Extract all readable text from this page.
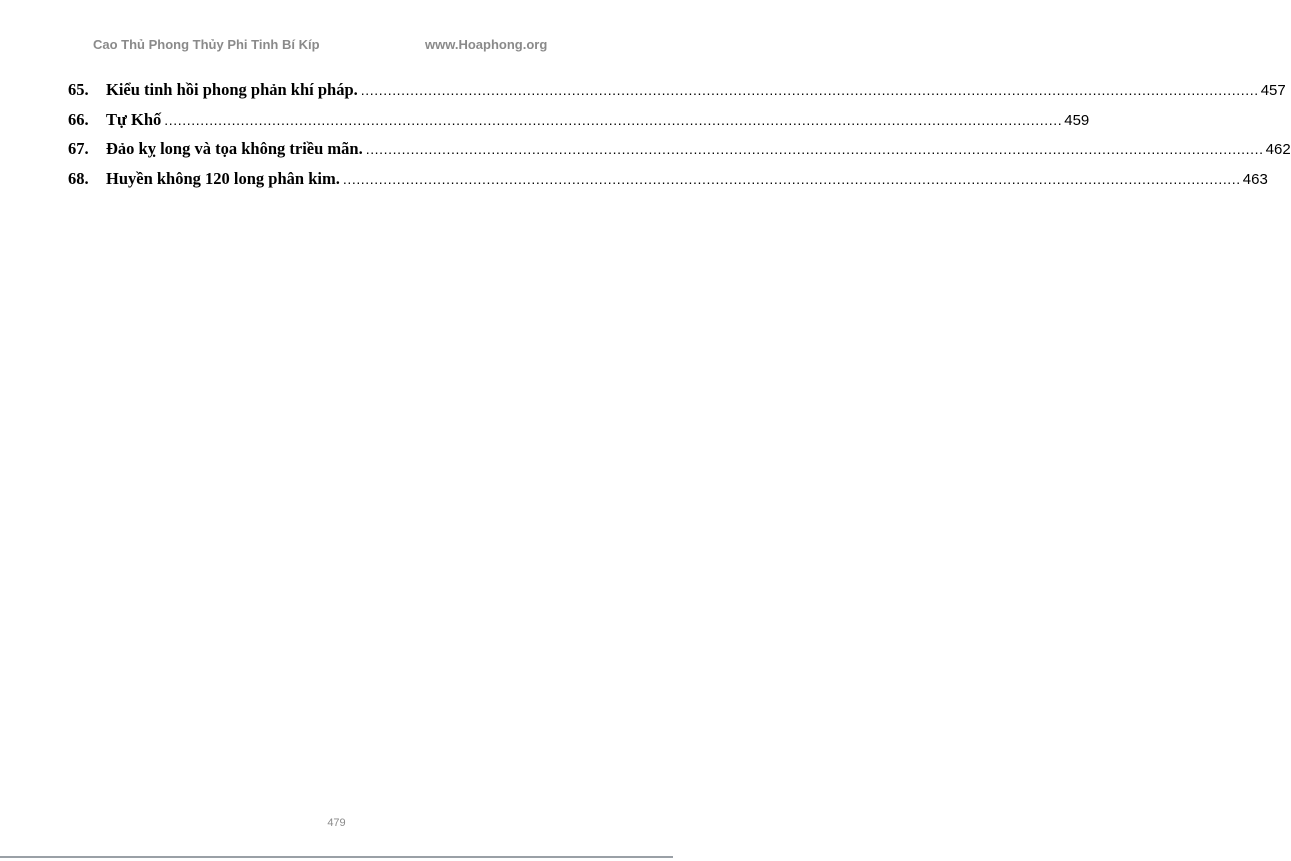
Cao Thủ Phong Thủy Phi Tinh Bí Kíp	www.Hoaphong.org
65.	Kiểu tinh hồi phong phản khí pháp. ........................................................................................................................................................................................................ 457
66.	Tự Khố ........................................................................................................................................................................................................ 459
67.	Đảo kỵ long và tọa không triều mãn. ........................................................................................................................................................................................................ 462
68.	Huyền không 120 long phân kim. ........................................................................................................................................................................................................ 463
479
